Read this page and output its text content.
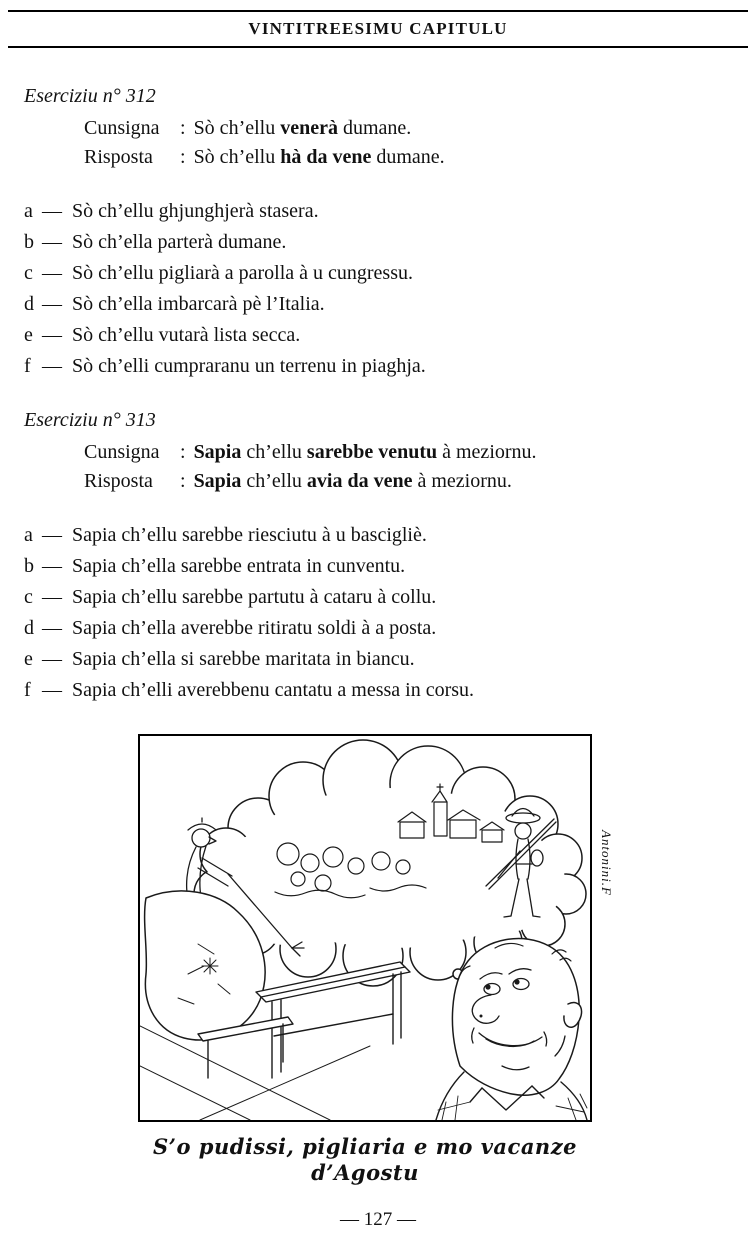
VINTITREESIMU CAPITULU
Eserciziu n° 312
Cunsigna	: Sò ch’ellu venerà dumane.
Risposta	: Sò ch’ellu hà da vene dumane.
a — Sò ch’ellu ghjunghjerà stasera.
b — Sò ch’ella parterà dumane.
c — Sò ch’ellu pigliarà a parolla à u cungressu.
d — Sò ch’ella imbarcarà pè l’Italia.
e — Sò ch’ellu vutarà lista secca.
f — Sò ch’elli cumpraranu un terrenu in piaghja.
Eserciziu n° 313
Cunsigna	: Sapia ch’ellu sarebbe venutu à meziornu.
Risposta	: Sapia ch’ellu avia da vene à meziornu.
a — Sapia ch’ellu sarebbe riesciutu à u bascigliè.
b — Sapia ch’ella sarebbe entrata in cunventu.
c — Sapia ch’ellu sarebbe partutu à cataru à collu.
d — Sapia ch’ella averebbe ritiratu soldi à a posta.
e — Sapia ch’ella si sarebbe maritata in biancu.
f — Sapia ch’elli averebbenu cantatu a messa in corsu.
Antonini.F
S’o pudissi, pigliaria e mo vacanze d’Agostu
— 127 —
